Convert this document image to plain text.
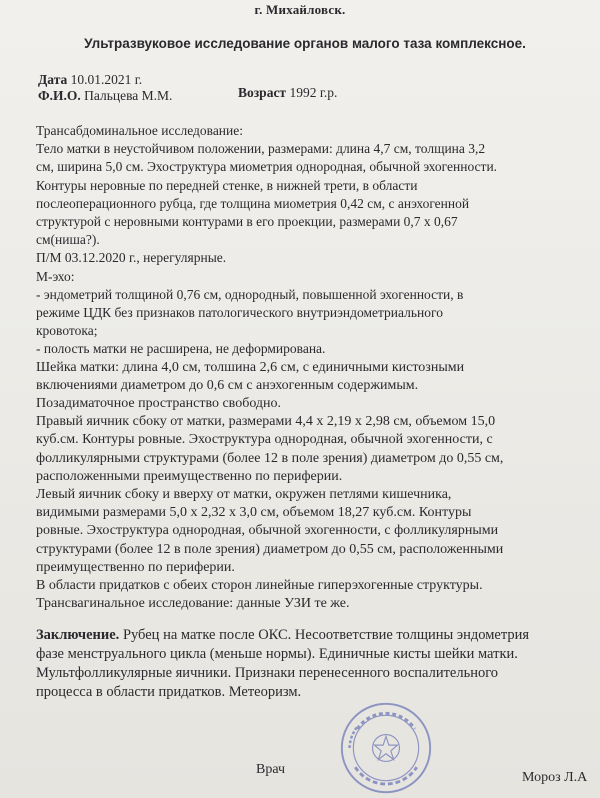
г. Михайловск.
Ультразвуковое исследование органов малого таза комплексное.
Дата 10.01.2021 г.
Ф.И.О. Пальцева М.М.	Возраст 1992 г.р.

Трансабдоминальное исследование:

Тело матки в неустойчивом положении, размерами: длина 4,7 см, толщина 3,2

см, ширина 5,0 см. Эхоструктура миометрия однородная, обычной эхогенности.

Контуры неровные по передней стенке, в нижней трети, в области

послеоперационного рубца, где толщина миометрия 0,42 см, с анэхогенной

структурой с неровными контурами в его проекции, размерами 0,7 х 0,67

см(ниша?).

П/М 03.12.2020 г., нерегулярные.

М-эхо:

- эндометрий толщиной 0,76 см, однородный, повышенной эхогенности, в

режиме ЦДК без признаков патологического внутриэндометриального

кровотока;

- полость матки не расширена, не деформирована.

Шейка матки: длина 4,0 см, толшина 2,6 см, с единичными кистозными

включениями диаметром до 0,6 см с анэхогенным содержимым.

Позадиматочное пространство свободно.

Правый яичник сбоку от матки, размерами 4,4 х 2,19 х 2,98 см, объемом 15,0

куб.см. Контуры ровные. Эхоструктура однородная, обычной эхогенности, с

фолликулярными структурами (более 12 в поле зрения) диаметром до 0,55 см,

расположенными преимущественно по периферии.

Левый яичник сбоку и вверху от матки, окружен петлями кишечника,

видимыми размерами 5,0 х 2,32 х 3,0 см, объемом 18,27 куб.см. Контуры

ровные. Эхоструктура однородная, обычной эхогенности, с фолликулярными

структурами (более 12 в поле зрения) диаметром до 0,55 см, расположенными

преимущественно по периферии.

В области придатков с обеих сторон линейные гиперэхогенные структуры.

Трансвагинальное исследование: данные УЗИ те же.

Заключение. Рубец на матке после ОКС. Несоответствие толщины эндометрия

фазе менструального цикла (меньше нормы). Единичные кисты шейки матки.

Мультфолликулярные яичники. Признаки перенесенного воспалительного

процесса в области придатков. Метеоризм.

Врач
Мороз Л.А
